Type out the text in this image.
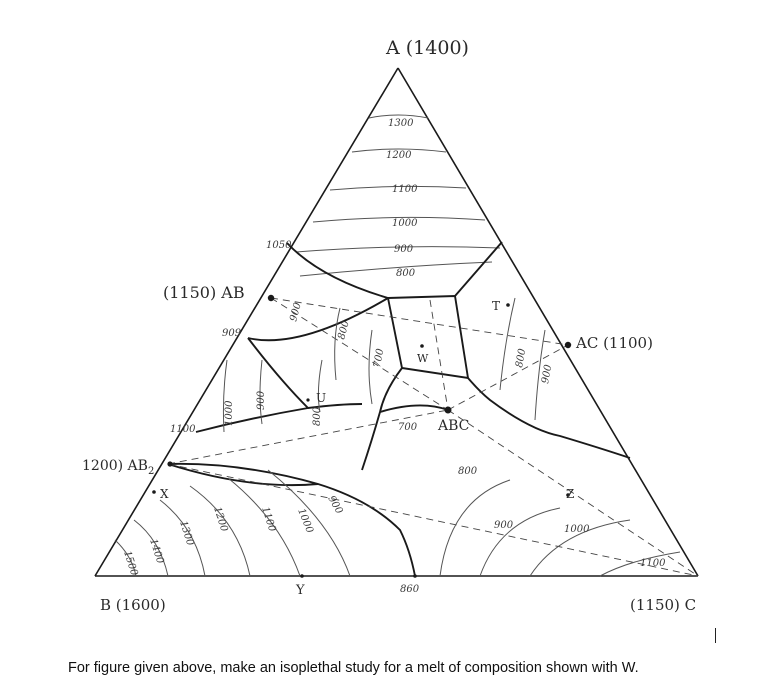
A (1400)
B (1600)	(1150) C
(1150) AB
AC (1100)
1200) $AB_2$
ABC
W
T
U
Y
X	Z
1300
1200
1100
1000
900
800
1050
909
1100
900
800
700
1000
900
800
700
800
900	1000
1100
800
900
1000
900
1100
1200
1300
1400
1500
860
For figure given above, make an isoplethal study for a melt of composition shown with W.
